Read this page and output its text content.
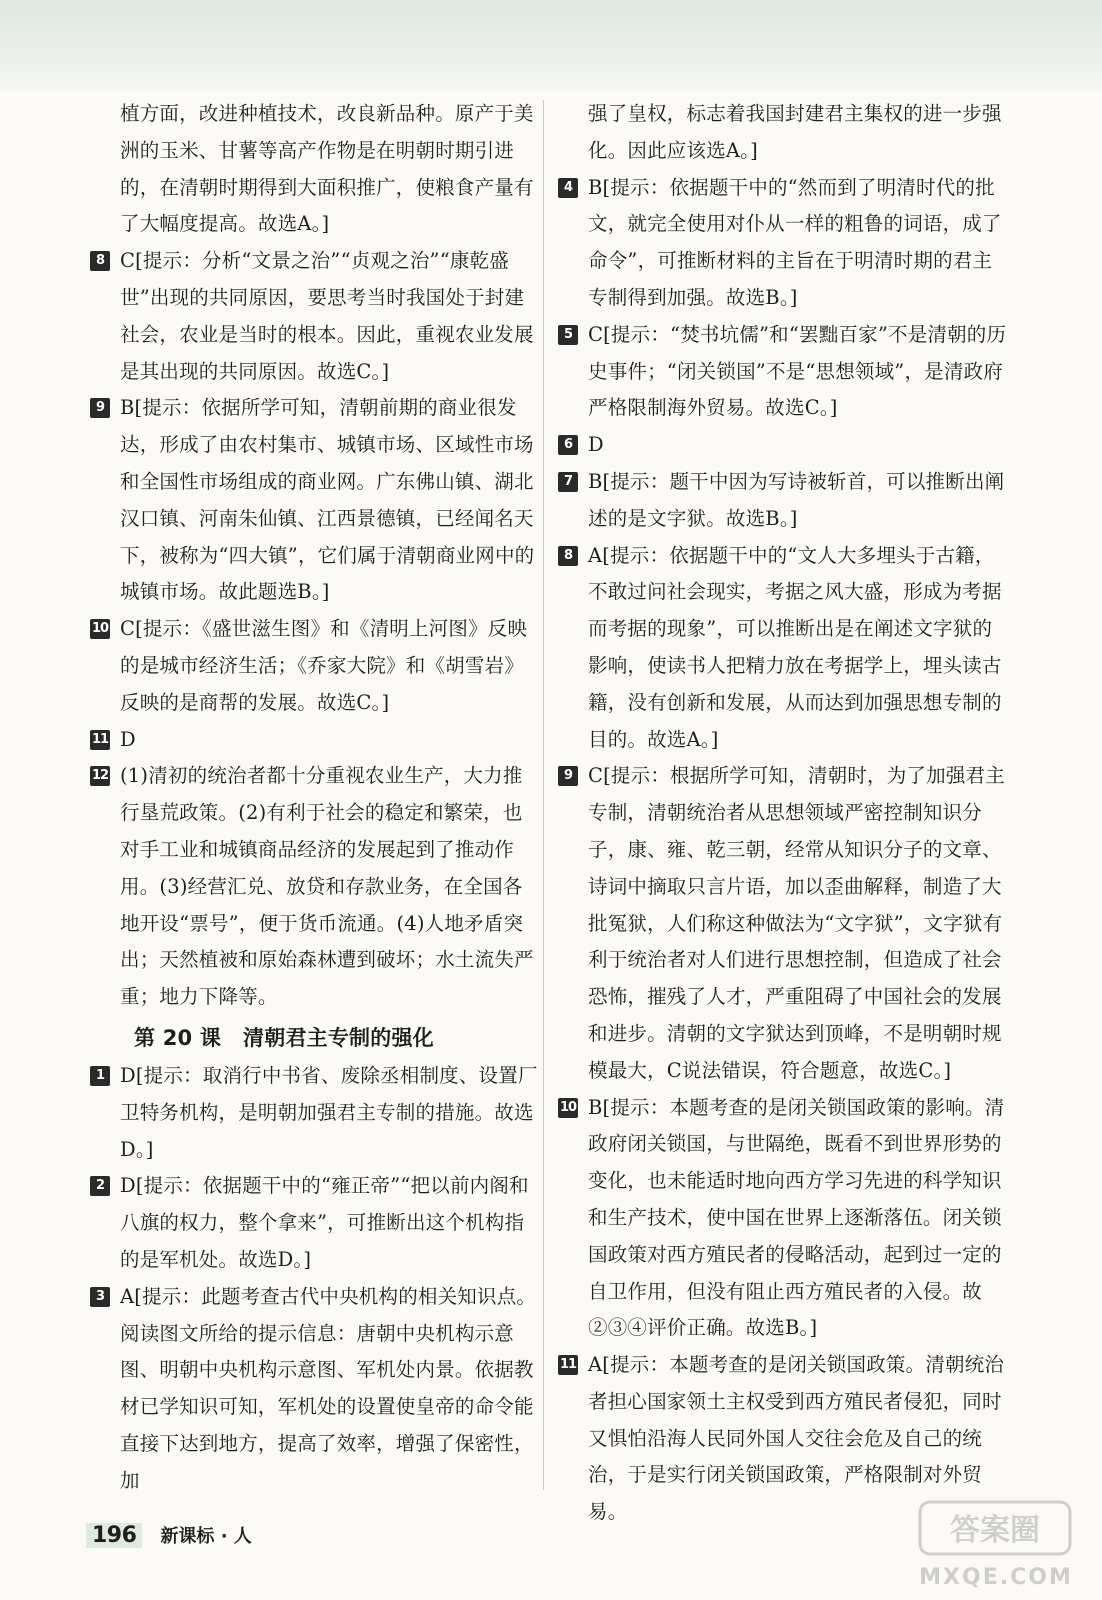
植方面，改进种植技术，改良新品种。原产于美洲的玉米、甘薯等高产作物是在明朝时期引进的，在清朝时期得到大面积推广，使粮食产量有了大幅度提高。故选A。]

8 C[提示：分析“文景之治”“贞观之治”“康乾盛世”出现的共同原因，要思考当时我国处于封建社会，农业是当时的根本。因此，重视农业发展是其出现的共同原因。故选C。]

9 B[提示：依据所学可知，清朝前期的商业很发达，形成了由农村集市、城镇市场、区域性市场和全国性市场组成的商业网。广东佛山镇、湖北汉口镇、河南朱仙镇、江西景德镇，已经闻名天下，被称为“四大镇”，它们属于清朝商业网中的城镇市场。故此题选B。]

10 C[提示：《盛世滋生图》和《清明上河图》反映的是城市经济生活；《乔家大院》和《胡雪岩》反映的是商帮的发展。故选C。]

11 D

12 (1)清初的统治者都十分重视农业生产，大力推行垦荒政策。(2)有利于社会的稳定和繁荣，也对手工业和城镇商品经济的发展起到了推动作用。(3)经营汇兑、放贷和存款业务，在全国各地开设“票号”，便于货币流通。(4)人地矛盾突出；天然植被和原始森林遭到破坏；水土流失严重；地力下降等。

第 20 课 清朝君主专制的强化

1 D[提示：取消行中书省、废除丞相制度、设置厂卫特务机构，是明朝加强君主专制的措施。故选D。]

2 D[提示：依据题干中的“雍正帝”“把以前内阁和八旗的权力，整个拿来”，可推断出这个机构指的是军机处。故选D。]

3 A[提示：此题考查古代中央机构的相关知识点。阅读图文所给的提示信息：唐朝中央机构示意图、明朝中央机构示意图、军机处内景。依据教材已学知识可知，军机处的设置使皇帝的命令能直接下达到地方，提高了效率，增强了保密性，加

强了皇权，标志着我国封建君主集权的进一步强化。因此应该选A。]

4 B[提示：依据题干中的“然而到了明清时代的批文，就完全使用对仆从一样的粗鲁的词语，成了命令”，可推断材料的主旨在于明清时期的君主专制得到加强。故选B。]

5 C[提示：“焚书坑儒”和“罢黜百家”不是清朝的历史事件；“闭关锁国”不是“思想领域”，是清政府严格限制海外贸易。故选C。]

6 D

7 B[提示：题干中因为写诗被斩首，可以推断出阐述的是文字狱。故选B。]

8 A[提示：依据题干中的“文人大多埋头于古籍，不敢过问社会现实，考据之风大盛，形成为考据而考据的现象”，可以推断出是在阐述文字狱的影响，使读书人把精力放在考据学上，埋头读古籍，没有创新和发展，从而达到加强思想专制的目的。故选A。]

9 C[提示：根据所学可知，清朝时，为了加强君主专制，清朝统治者从思想领域严密控制知识分子，康、雍、乾三朝，经常从知识分子的文章、诗词中摘取只言片语，加以歪曲解释，制造了大批冤狱，人们称这种做法为“文字狱”，文字狱有利于统治者对人们进行思想控制，但造成了社会恐怖，摧残了人才，严重阻碍了中国社会的发展和进步。清朝的文字狱达到顶峰，不是明朝时规模最大，C说法错误，符合题意，故选C。]

10 B[提示：本题考查的是闭关锁国政策的影响。清政府闭关锁国，与世隔绝，既看不到世界形势的变化，也未能适时地向西方学习先进的科学知识和生产技术，使中国在世界上逐渐落伍。闭关锁国政策对西方殖民者的侵略活动，起到过一定的自卫作用，但没有阻止西方殖民者的入侵。故②③④评价正确。故选B。]

11 A[提示：本题考查的是闭关锁国政策。清朝统治者担心国家领土主权受到西方殖民者侵犯，同时又惧怕沿海人民同外国人交往会危及自己的统治，于是实行闭关锁国政策，严格限制对外贸易。

196	新课标 · 人	答案圈
MXQE.COM
